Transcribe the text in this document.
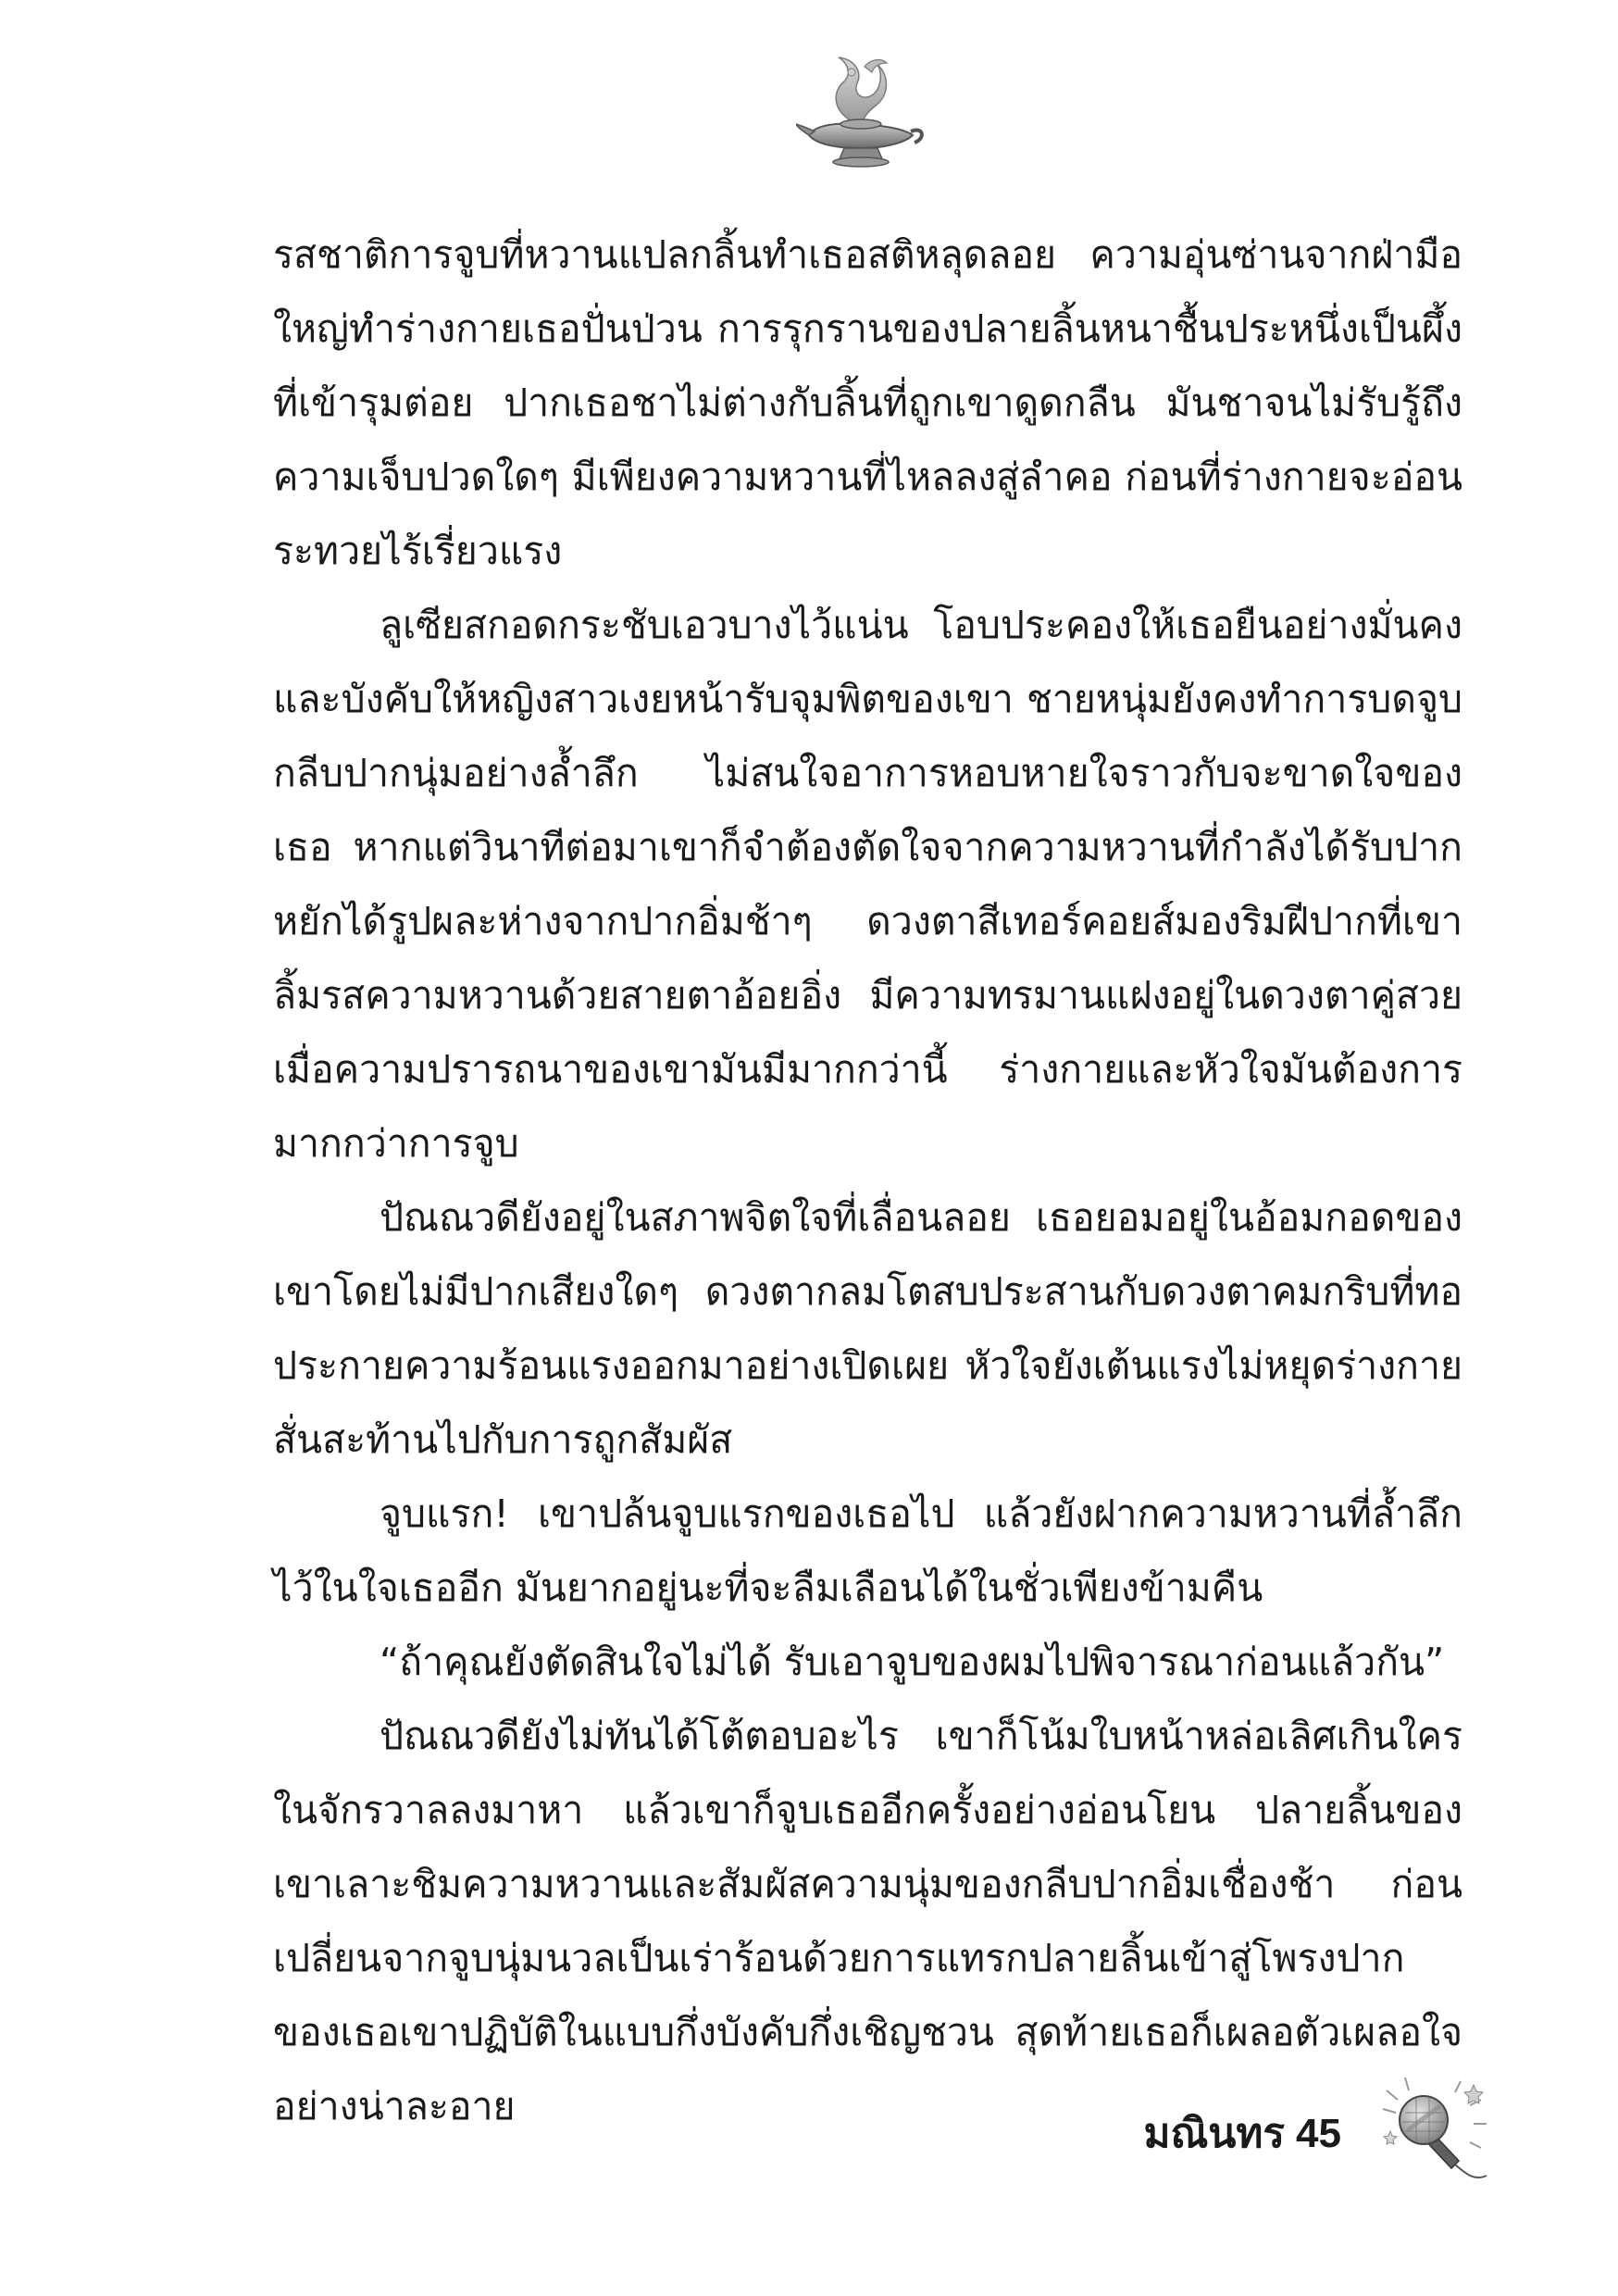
รสชาติการจูบที่หวานแปลกลิ้นทำเธอสติหลุดลอย ความอุ่นซ่านจากฝ่ามือใหญ่ทำร่างกายเธอปั่นป่วน การรุกรานของปลายลิ้นหนาชื้นประหนึ่งเป็นผึ้งที่เข้ารุมต่อย ปากเธอชาไม่ต่างกับลิ้นที่ถูกเขาดูดกลืน มันชาจนไม่รับรู้ถึงความเจ็บปวดใดๆ มีเพียงความหวานที่ไหลลงสู่ลำคอ ก่อนที่ร่างกายจะอ่อนระทวยไร้เรี่ยวแรง

ลูเซียสกอดกระชับเอวบางไว้แน่น โอบประคองให้เธอยืนอย่างมั่นคงและบังคับให้หญิงสาวเงยหน้ารับจุมพิตของเขา ชายหนุ่มยังคงทำการบดจูบกลีบปากนุ่มอย่างล้ำลึก ไม่สนใจอาการหอบหายใจราวกับจะขาดใจของเธอ หากแต่วินาทีต่อมาเขาก็จำต้องตัดใจจากความหวานที่กำลังได้รับปากหยักได้รูปผละห่างจากปากอิ่มช้าๆ ดวงตาสีเทอร์คอยส์มองริมฝีปากที่เขาลิ้มรสความหวานด้วยสายตาอ้อยอิ่ง มีความทรมานแฝงอยู่ในดวงตาคู่สวยเมื่อความปรารถนาของเขามันมีมากกว่านี้ ร่างกายและหัวใจมันต้องการมากกว่าการจูบ

ปัณณวดียังอยู่ในสภาพจิตใจที่เลื่อนลอย เธอยอมอยู่ในอ้อมกอดของเขาโดยไม่มีปากเสียงใดๆ ดวงตากลมโตสบประสานกับดวงตาคมกริบที่ทอประกายความร้อนแรงออกมาอย่างเปิดเผย หัวใจยังเต้นแรงไม่หยุดร่างกายสั่นสะท้านไปกับการถูกสัมผัส

จูบแรก! เขาปล้นจูบแรกของเธอไป แล้วยังฝากความหวานที่ล้ำลึกไว้ในใจเธออีก มันยากอยู่นะที่จะลืมเลือนได้ในชั่วเพียงข้ามคืน

“ถ้าคุณยังตัดสินใจไม่ได้ รับเอาจูบของผมไปพิจารณาก่อนแล้วกัน”

ปัณณวดียังไม่ทันได้โต้ตอบอะไร เขาก็โน้มใบหน้าหล่อเลิศเกินใครในจักรวาลลงมาหา แล้วเขาก็จูบเธออีกครั้งอย่างอ่อนโยน ปลายลิ้นของเขาเลาะชิมความหวานและสัมผัสความนุ่มของกลีบปากอิ่มเชื่องช้า ก่อนเปลี่ยนจากจูบนุ่มนวลเป็นเร่าร้อนด้วยการแทรกปลายลิ้นเข้าสู่โพรงปากของเธอเขาปฏิบัติในแบบกึ่งบังคับกึ่งเชิญชวน สุดท้ายเธอก็เผลอตัวเผลอใจอย่างน่าละอาย

มณินทร 45
